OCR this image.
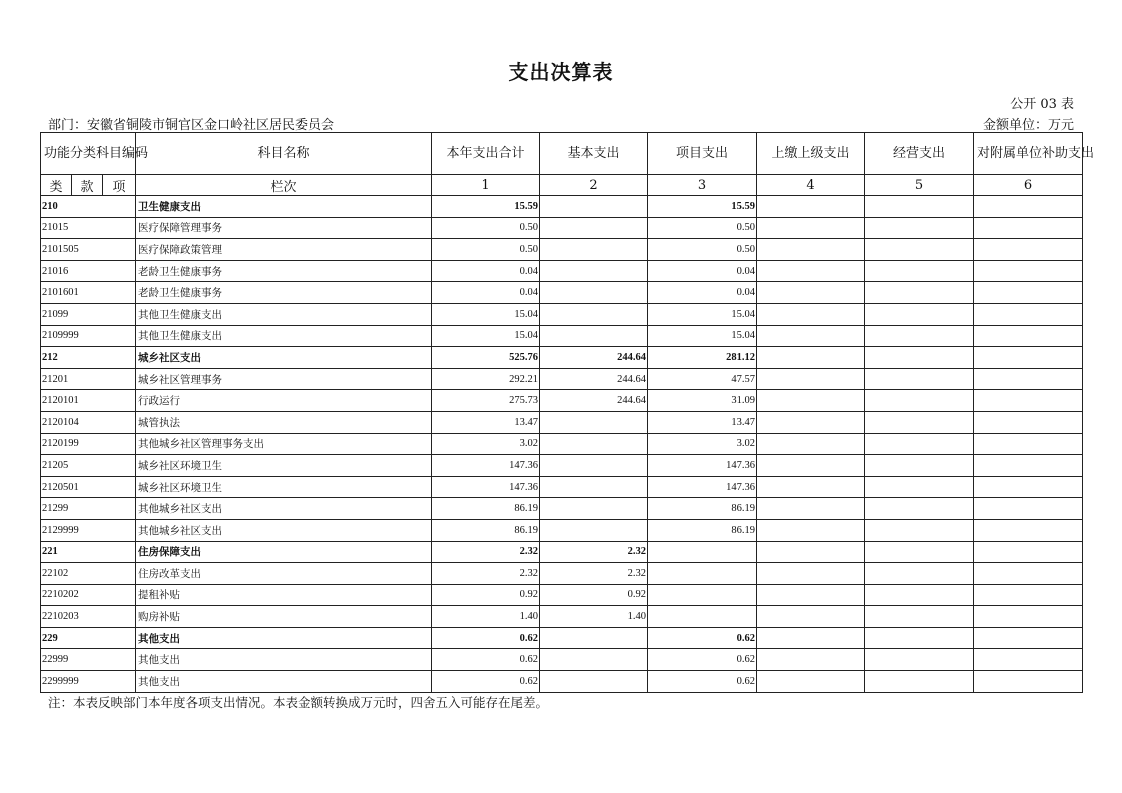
支出决算表
公开 03 表
部门：安徽省铜陵市铜官区金口岭社区居民委员会	金额单位：万元
功能分类科目编码			科目名称	本年支出合计	基本支出	项目支出	上缴上级支出	经营支出	对附属单位补助支出
类	款	项	栏次	1	2	3	4	5	6
210			卫生健康支出	15.59		15.59			
21015			医疗保障管理事务	0.50		0.50			
2101505			医疗保障政策管理	0.50		0.50			
21016			老龄卫生健康事务	0.04		0.04			
2101601			老龄卫生健康事务	0.04		0.04			
21099			其他卫生健康支出	15.04		15.04			
2109999			其他卫生健康支出	15.04		15.04			
212			城乡社区支出	525.76	244.64	281.12			
21201			城乡社区管理事务	292.21	244.64	47.57			
2120101			行政运行	275.73	244.64	31.09			
2120104			城管执法	13.47		13.47			
2120199			其他城乡社区管理事务支出	3.02		3.02			
21205			城乡社区环境卫生	147.36		147.36			
2120501			城乡社区环境卫生	147.36		147.36			
21299			其他城乡社区支出	86.19		86.19			
2129999			其他城乡社区支出	86.19		86.19			
221			住房保障支出	2.32	2.32				
22102			住房改革支出	2.32	2.32				
2210202			提租补贴	0.92	0.92				
2210203			购房补贴	1.40	1.40				
229			其他支出	0.62		0.62			
22999			其他支出	0.62		0.62			
2299999			其他支出	0.62		0.62			
注：本表反映部门本年度各项支出情况。本表金额转换成万元时，四舍五入可能存在尾差。
